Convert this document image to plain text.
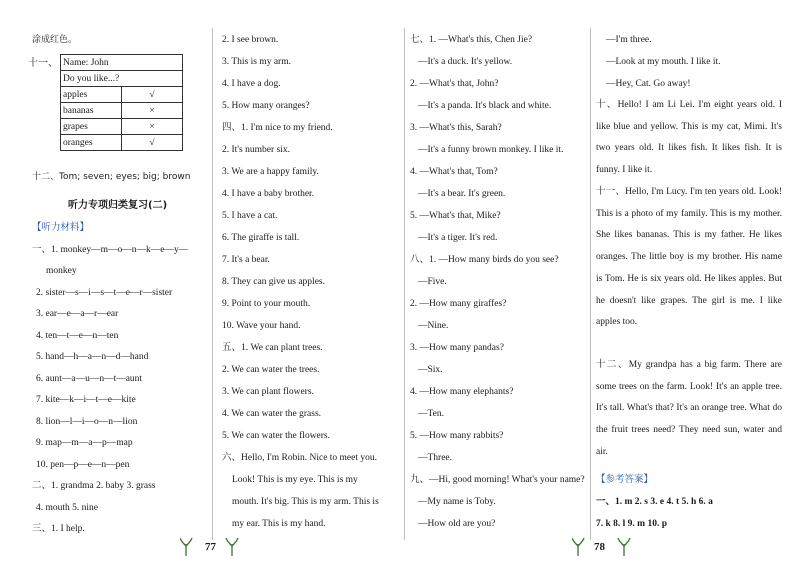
涂成红色。
十一、 Name: John	
Do you like...?	
apples	√
bananas	×
grapes	×
oranges	√
十二、Tom; seven; eyes; big; brown
听力专项归类复习(二)
【听力材料】
一、1. monkey—m—o—n—k—e—y—
monkey
2. sister—s—i—s—t—e—r—sister
3. ear—e—a—r—ear
4. ten—t—e—n—ten
5. hand—h—a—n—d—hand
6. aunt—a—u—n—t—aunt
7. kite—k—i—t—e—kite
8. lion—l—i—o—n—lion
9. map—m—a—p—map
10. pen—p—e—n—pen
二、1. grandma 2. baby 3. grass
4. mouth 5. nine
三、1. I help.
2. I see brown.
3. This is my arm.
4. I have a dog.
5. How many oranges?
四、1. I'm nice to my friend.
2. It's number six.
3. We are a happy family.
4. I have a baby brother.
5. I have a cat.
6. The giraffe is tall.
7. It's a bear.
8. They can give us apples.
9. Point to your mouth.
10. Wave your hand.
五、1. We can plant trees.
2. We can water the trees.
3. We can plant flowers.
4. We can water the grass.
5. We can water the flowers.
六、Hello, I'm Robin. Nice to meet you.
Look! This is my eye. This is my
mouth. It's big. This is my arm. This is
my ear. This is my hand.
七、1. —What's this, Chen Jie?
—It's a duck. It's yellow.
2. —What's that, John?
—It's a panda. It's black and white.
3. —What's this, Sarah?
—It's a funny brown monkey. I like it.
4. —What's that, Tom?
—It's a bear. It's green.
5. —What's that, Mike?
—It's a tiger. It's red.
八、1. —How many birds do you see?
—Five.
2. —How many giraffes?
—Nine.
3. —How many pandas?
—Six.
4. —How many elephants?
—Ten.
5. —How many rabbits?
—Three.
九、—Hi, good morning! What's your name?
—My name is Toby.
—How old are you?
—I'm three.
—Look at my mouth. I like it.
—Hey, Cat. Go away!
十、Hello! I am Li Lei. I'm eight years old. I like blue and yellow. This is my cat, Mimi. It's two years old. It likes fish. It likes fish. It is funny. I like it.
十一、Hello, I'm Lucy. I'm ten years old. Look! This is a photo of my family. This is my mother. She likes bananas. This is my father. He likes oranges. The little boy is my brother. His name is Tom. He is six years old. He likes apples. But he doesn't like grapes. The girl is me. I like apples too.
十二、My grandpa has a big farm. There are some trees on the farm. Look! It's an apple tree. It's tall. What's that? It's an orange tree. What do the fruit trees need? They need sun, water and air.
【参考答案】
一、1. m 2. s 3. e 4. t 5. h 6. a
7. k 8. l 9. m 10. p
77	78
